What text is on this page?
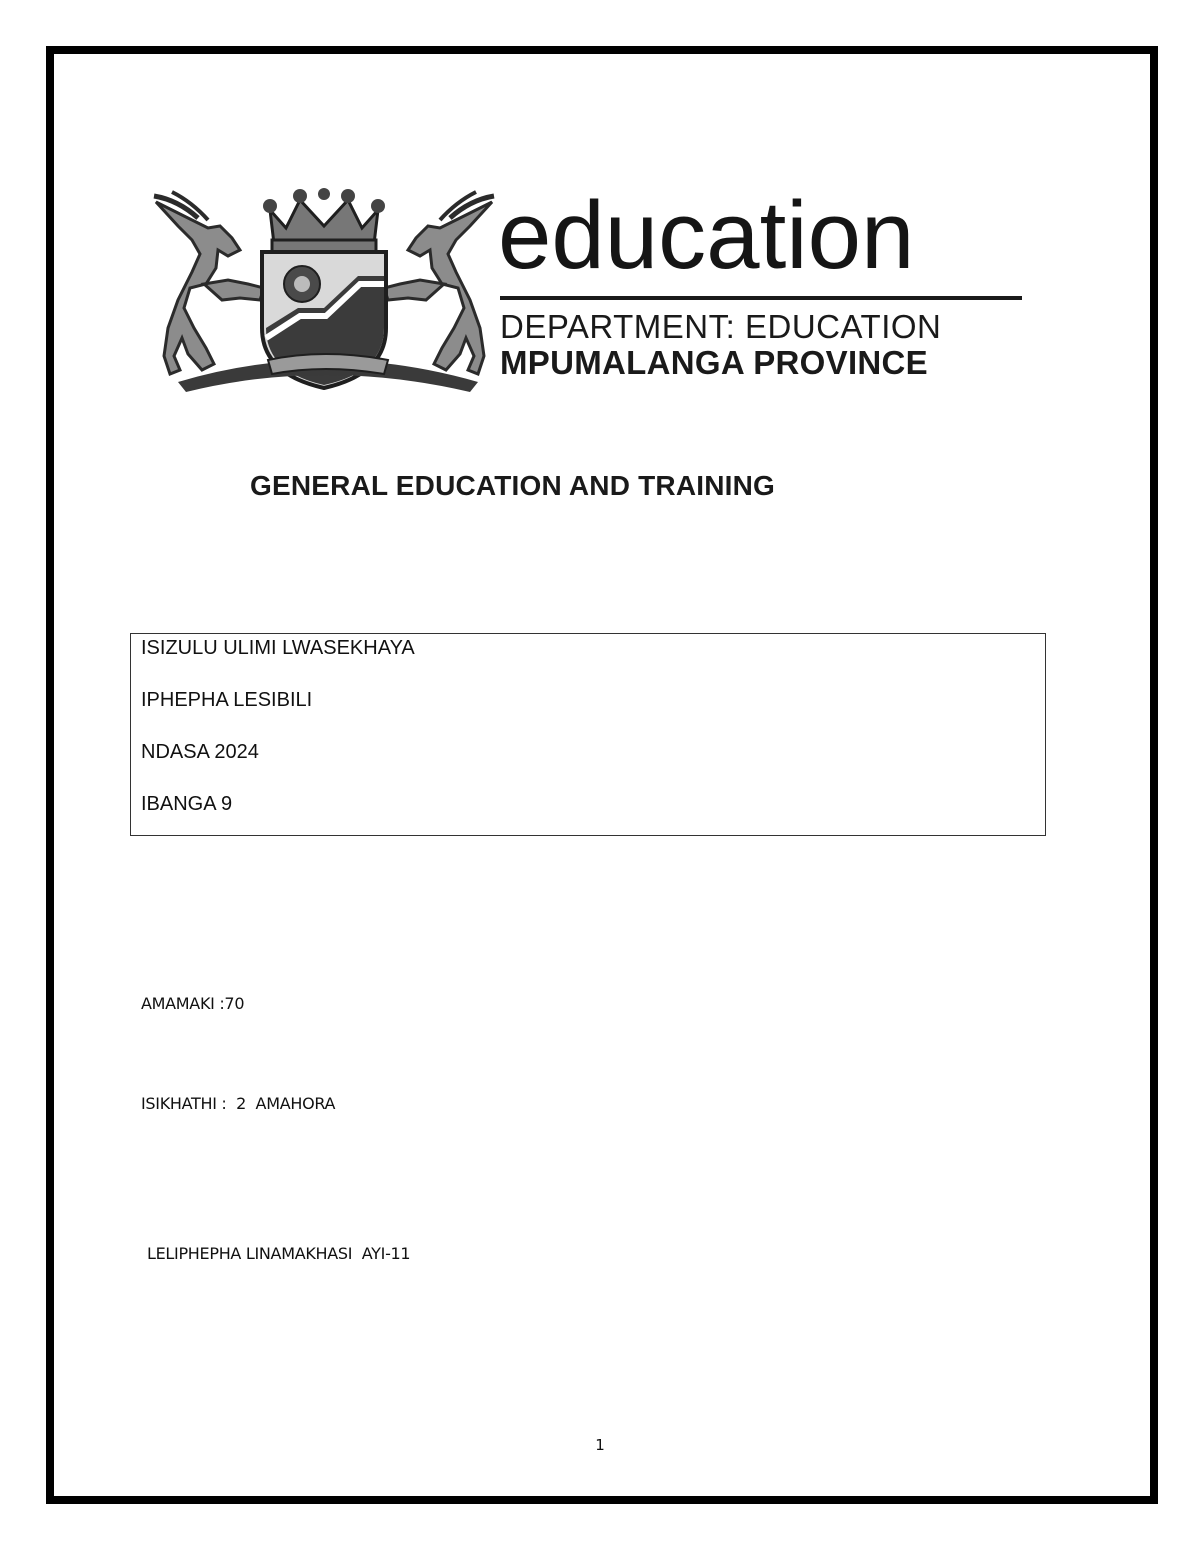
education
DEPARTMENT: EDUCATION
MPUMALANGA PROVINCE
GENERAL EDUCATION AND TRAINING
ISIZULU ULIMI LWASEKHAYA
IPHEPHA LESIBILI
NDASA 2024
IBANGA 9
AMAMAKI :70
ISIKHATHI :  2  AMAHORA
LELIPHEPHA LINAMAKHASI  AYI-11
1
